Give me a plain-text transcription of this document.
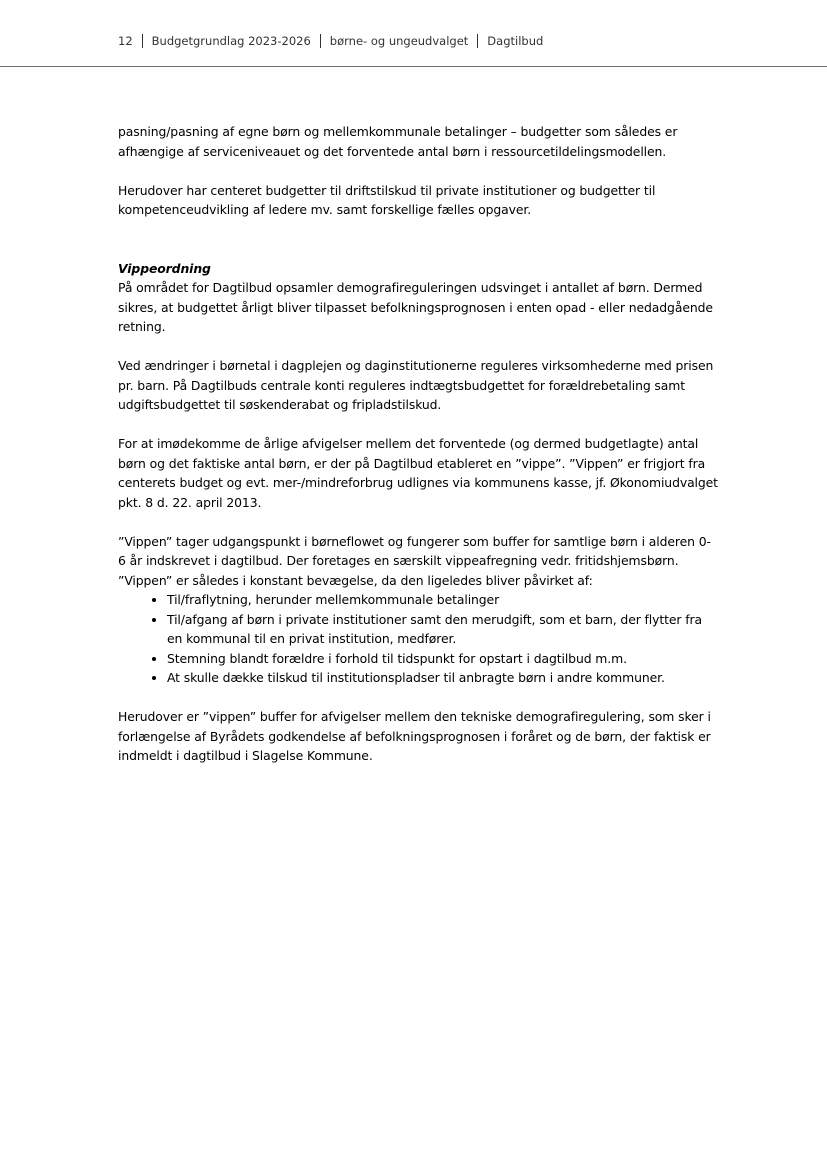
12 Budgetgrundlag 2023-2026 børne- og ungeudvalget Dagtilbud

pasning/pasning af egne børn og mellemkommunale betalinger – budgetter som således er afhængige af serviceniveauet og det forventede antal børn i ressourcetildelingsmodellen.

Herudover har centeret budgetter til driftstilskud til private institutioner og budgetter til kompetenceudvikling af ledere mv. samt forskellige fælles opgaver.

Vippeordning

På området for Dagtilbud opsamler demografireguleringen udsvinget i antallet af børn. Dermed sikres, at budgettet årligt bliver tilpasset befolkningsprognosen i enten opad - eller nedadgående retning.

Ved ændringer i børnetal i dagplejen og daginstitutionerne reguleres virksomhederne med prisen pr. barn. På Dagtilbuds centrale konti reguleres indtægtsbudgettet for forældrebetaling samt udgiftsbudgettet til søskenderabat og fripladstilskud.

For at imødekomme de årlige afvigelser mellem det forventede (og dermed budgetlagte) antal børn og det faktiske antal børn, er der på Dagtilbud etableret en ”vippe”. ”Vippen” er frigjort fra centerets budget og evt. mer-/mindreforbrug udlignes via kommunens kasse, jf. Økonomiudvalget pkt. 8 d. 22. april 2013.

”Vippen” tager udgangspunkt i børneflowet og fungerer som buffer for samtlige børn i alderen 0-6 år indskrevet i dagtilbud. Der foretages en særskilt vippeafregning vedr. fritidshjemsbørn.

”Vippen” er således i konstant bevægelse, da den ligeledes bliver påvirket af:

• Til/fraflytning, herunder mellemkommunale betalinger
• Til/afgang af børn i private institutioner samt den merudgift, som et barn, der flytter fra en kommunal til en privat institution, medfører.
• Stemning blandt forældre i forhold til tidspunkt for opstart i dagtilbud m.m.
• At skulle dække tilskud til institutionspladser til anbragte børn i andre kommuner.

Herudover er ”vippen” buffer for afvigelser mellem den tekniske demografiregulering, som sker i forlængelse af Byrådets godkendelse af befolkningsprognosen i foråret og de børn, der faktisk er indmeldt i dagtilbud i Slagelse Kommune.
